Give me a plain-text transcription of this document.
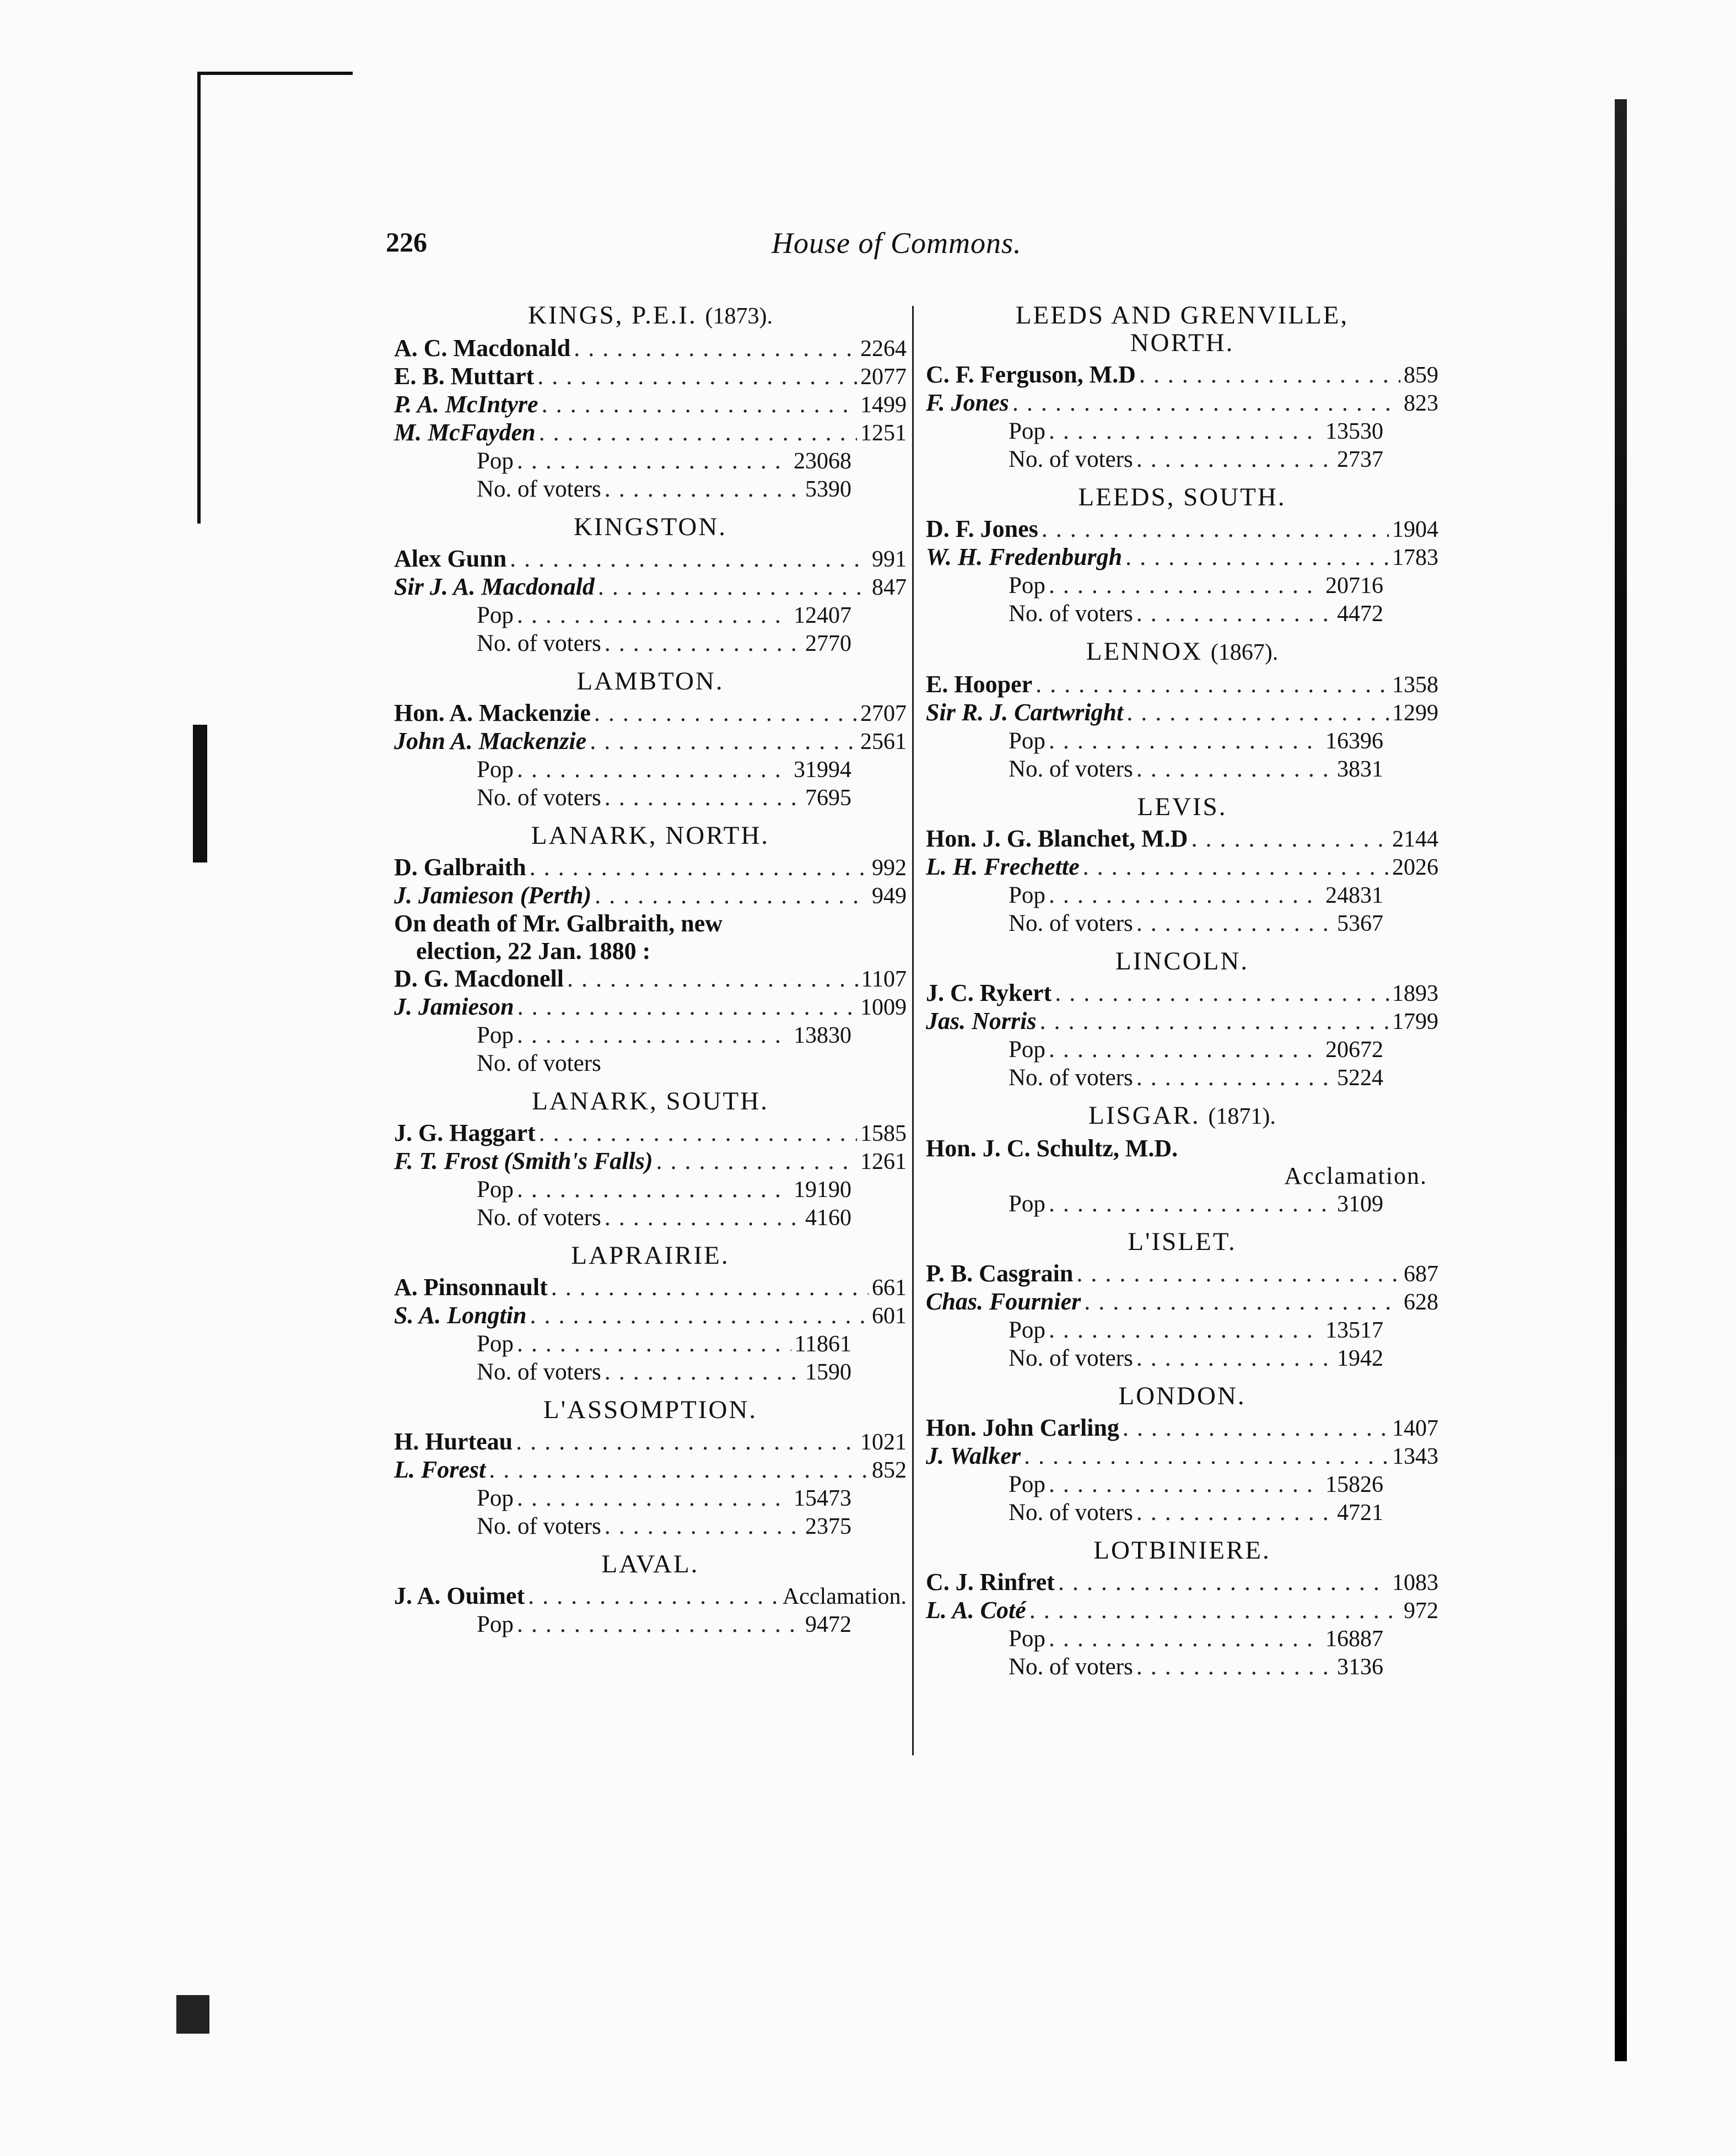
226	House of Commons.
KINGS, P.E.I. (1873).
A. C. Macdonald . . .	2264
E. B. Muttart . . .	2077
P. A. McIntyre . . .	1499
M. McFayden . . .	1251
Pop . . .	23068
No. of voters . . .	5390
KINGSTON.
Alex Gunn . . .	991
Sir J. A. Macdonald . . .	847
Pop . . .	12407
No. of voters . . .	2770
LAMBTON.
Hon. A. Mackenzie . . .	2707
John A. Mackenzie . . .	2561
Pop . . .	31994
No. of voters . . .	7695
LANARK, NORTH.
D. Galbraith . . .	992
J. Jamieson (Perth) . . .	949
On death of Mr. Galbraith, new
election, 22 Jan. 1880 :
D. G. Macdonell . . .	1107
J. Jamieson . . .	1009
Pop . . .	13830
No. of voters
LANARK, SOUTH.
J. G. Haggart . . .	1585
F. T. Frost (Smith's Falls) . . .	1261
Pop . . .	19190
No. of voters . . .	4160
LAPRAIRIE.
A. Pinsonnault . . .	661
S. A. Longtin . . .	601
Pop . . .	11861
No. of voters . . .	1590
L'ASSOMPTION.
H. Hurteau . . .	1021
L. Forest . . .	852
Pop . . .	15473
No. of voters . . .	2375
LAVAL.
J. A. Ouimet . . .	Acclamation.
Pop . . .	9472
LEEDS AND GRENVILLE,
NORTH.
C. F. Ferguson, M.D . . .	859
F. Jones . . .	823
Pop . . .	13530
No. of voters . . .	2737
LEEDS, SOUTH.
D. F. Jones . . .	1904
W. H. Fredenburgh . . .	1783
Pop . . .	20716
No. of voters . . .	4472
LENNOX (1867).
E. Hooper . . .	1358
Sir R. J. Cartwright . . .	1299
Pop . . .	16396
No. of voters . . .	3831
LEVIS.
Hon. J. G. Blanchet, M.D . . .	2144
L. H. Frechette . . .	2026
Pop . . .	24831
No. of voters . . .	5367
LINCOLN.
J. C. Rykert . . .	1893
Jas. Norris . . .	1799
Pop . . .	20672
No. of voters . . .	5224
LISGAR. (1871).
Hon. J. C. Schultz, M.D.
Acclamation.
Pop . . .	3109
L'ISLET.
P. B. Casgrain . . .	687
Chas. Fournier . . .	628
Pop . . .	13517
No. of voters . . .	1942
LONDON.
Hon. John Carling . . .	1407
J. Walker . . .	1343
Pop . . .	15826
No. of voters . . .	4721
LOTBINIERE.
C. J. Rinfret . . .	1083
L. A. Coté . . .	972
Pop . . .	16887
No. of voters . . .	3136
